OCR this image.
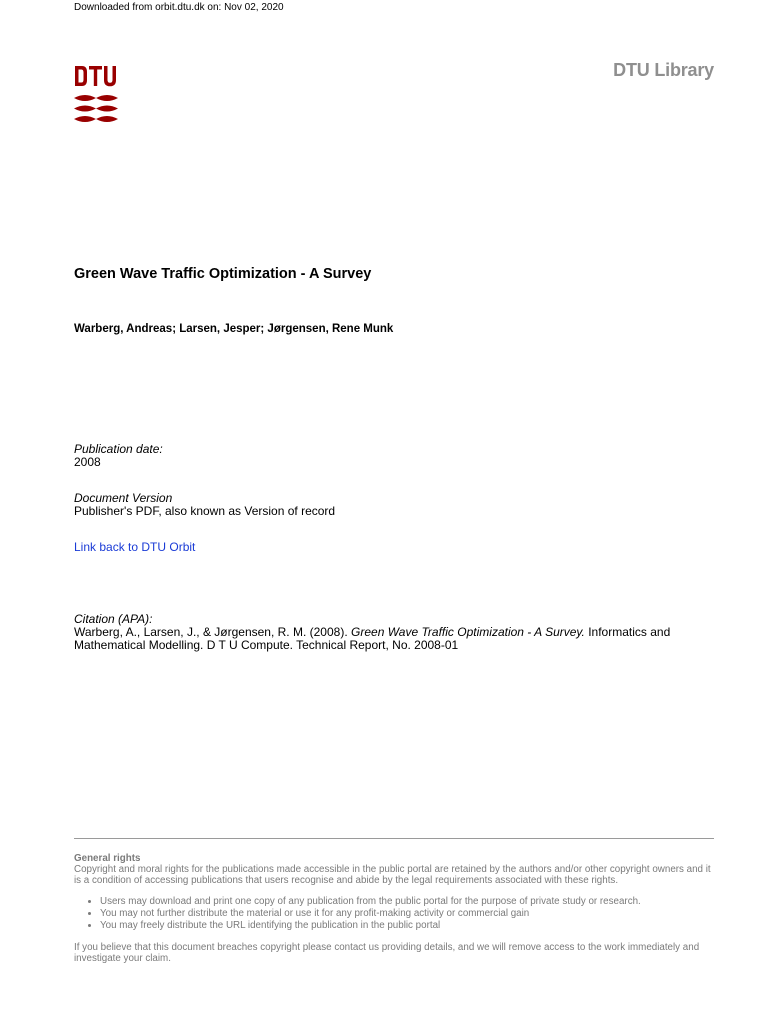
Downloaded from orbit.dtu.dk on: Nov 02, 2020
DTU Library
Green Wave Traffic Optimization - A Survey
Warberg, Andreas; Larsen, Jesper; Jørgensen, Rene Munk
Publication date:
2008
Document Version
Publisher's PDF, also known as Version of record
Link back to DTU Orbit
Citation (APA):
Warberg, A., Larsen, J., & Jørgensen, R. M. (2008). Green Wave Traffic Optimization - A Survey. Informatics and Mathematical Modelling. D T U Compute. Technical Report, No. 2008-01
General rights
Copyright and moral rights for the publications made accessible in the public portal are retained by the authors and/or other copyright owners and it is a condition of accessing publications that users recognise and abide by the legal requirements associated with these rights.
• Users may download and print one copy of any publication from the public portal for the purpose of private study or research.
• You may not further distribute the material or use it for any profit-making activity or commercial gain
• You may freely distribute the URL identifying the publication in the public portal
If you believe that this document breaches copyright please contact us providing details, and we will remove access to the work immediately and investigate your claim.
